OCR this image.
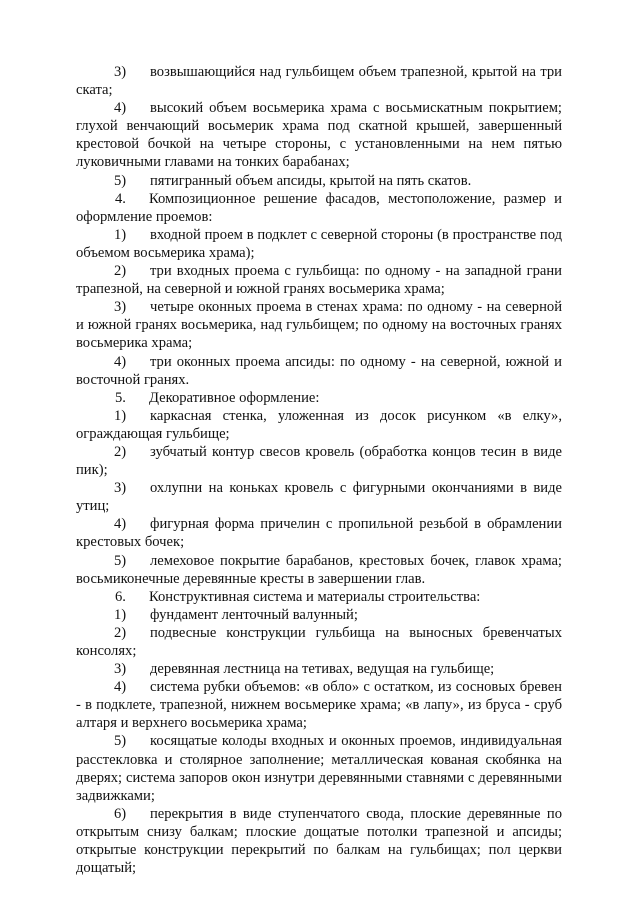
3) возвышающийся над гульбищем объем трапезной, крытой на три ската;

4) высокий объем восьмерика храма с восьмискатным покрытием; глухой венчающий восьмерик храма под скатной крышей, завершенный крестовой бочкой на четыре стороны, с установленными на нем пятью луковичными главами на тонких барабанах;

5) пятигранный объем апсиды, крытой на пять скатов.

4. Композиционное решение фасадов, местоположение, размер и оформление проемов:

1) входной проем в подклет с северной стороны (в пространстве под объемом восьмерика храма);

2) три входных проема с гульбища: по одному - на западной грани трапезной, на северной и южной гранях восьмерика храма;

3) четыре оконных проема в стенах храма: по одному - на северной и южной гранях восьмерика, над гульбищем; по одному на восточных гранях восьмерика храма;

4) три оконных проема апсиды: по одному - на северной, южной и восточной гранях.

5. Декоративное оформление:

1) каркасная стенка, уложенная из досок рисунком «в елку», ограждающая гульбище;

2) зубчатый контур свесов кровель (обработка концов тесин в виде пик);

3) охлупни на коньках кровель с фигурными окончаниями в виде утиц;

4) фигурная форма причелин с пропильной резьбой в обрамлении крестовых бочек;

5) лемеховое покрытие барабанов, крестовых бочек, главок храма; восьмиконечные деревянные кресты в завершении глав.

6. Конструктивная система и материалы строительства:

1) фундамент ленточный валунный;

2) подвесные конструкции гульбища на выносных бревенчатых консолях;

3) деревянная лестница на тетивах, ведущая на гульбище;

4) система рубки объемов: «в обло» с остатком, из сосновых бревен - в подклете, трапезной, нижнем восьмерике храма; «в лапу», из бруса - сруб алтаря и верхнего восьмерика храма;

5) косящатые колоды входных и оконных проемов, индивидуальная расстекловка и столярное заполнение; металлическая кованая скобянка на дверях; система запоров окон изнутри деревянными ставнями с деревянными задвижками;

6) перекрытия в виде ступенчатого свода, плоские деревянные по открытым снизу балкам; плоские дощатые потолки трапезной и апсиды; открытые конструкции перекрытий по балкам на гульбищах; пол церкви дощатый;
